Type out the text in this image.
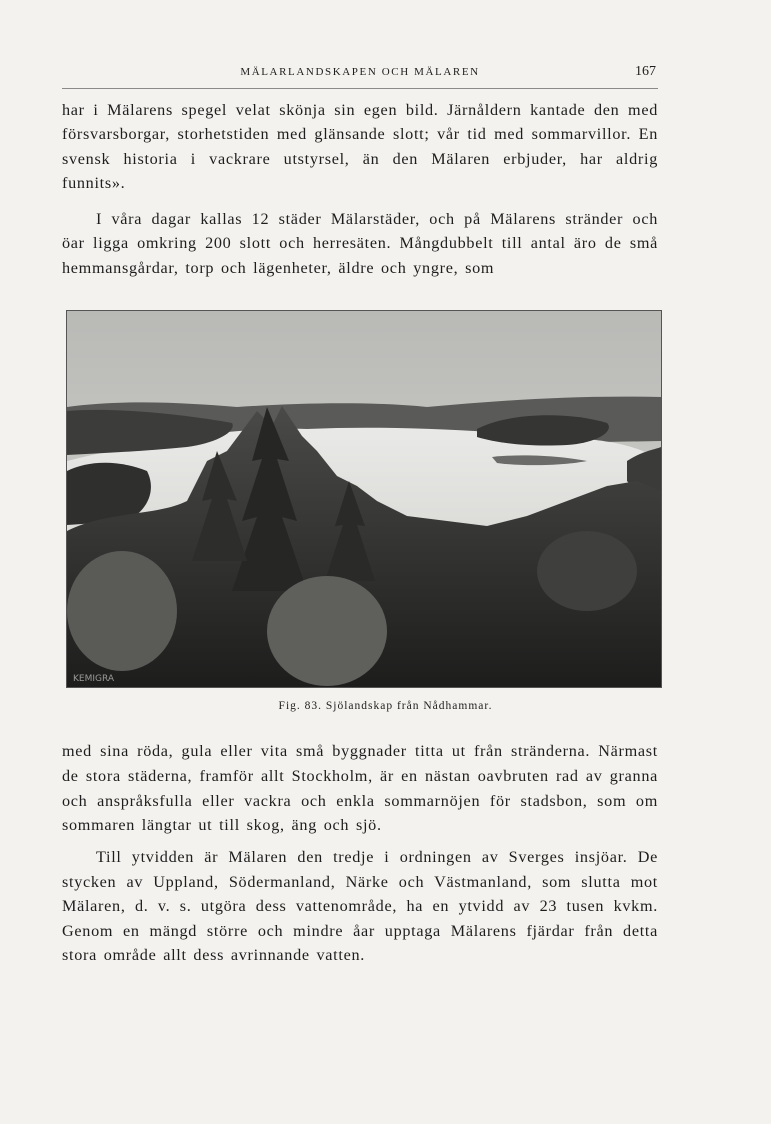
MÄLARLANDSKAPEN OCH MÄLAREN	167

har i Mälarens spegel velat skönja sin egen bild. Järnåldern kantade den med försvarsborgar, storhetstiden med glänsande slott; vår tid med sommarvillor. En svensk historia i vackrare utstyrsel, än den Mälaren erbjuder, har aldrig funnits».

I våra dagar kallas 12 städer Mälarstäder, och på Mälarens stränder och öar ligga omkring 200 slott och herresäten. Mångdubbelt till antal äro de små hemmansgårdar, torp och lägenheter, äldre och yngre, som

KEMIGRA
Fig. 83. Sjölandskap från Nådhammar.

med sina röda, gula eller vita små byggnader titta ut från stränderna. Närmast de stora städerna, framför allt Stockholm, är en nästan oavbruten rad av granna och anspråksfulla eller vackra och enkla sommarnöjen för stadsbon, som om sommaren längtar ut till skog, äng och sjö.

Till ytvidden är Mälaren den tredje i ordningen av Sverges insjöar. De stycken av Uppland, Södermanland, Närke och Västmanland, som slutta mot Mälaren, d. v. s. utgöra dess vattenområde, ha en ytvidd av 23 tusen kvkm. Genom en mängd större och mindre åar upptaga Mälarens fjärdar från detta stora område allt dess avrinnande vatten.
